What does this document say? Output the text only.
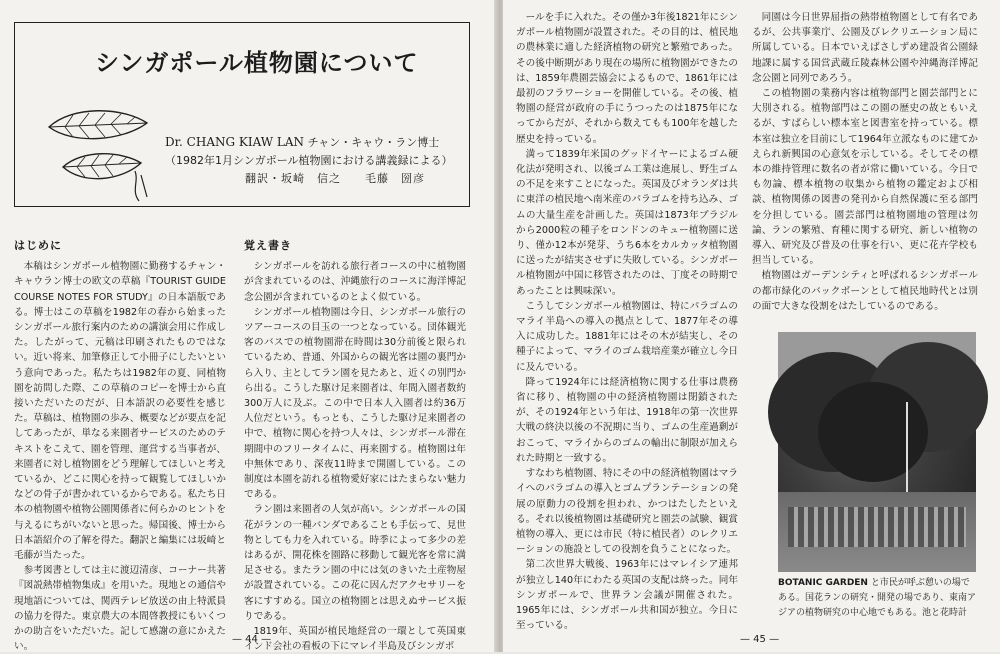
シンガポール植物園について
Dr. CHANG KIAW LAN チャン・キャウ・ラン博士
（1982年1月シンガポール植物園における講義録による）
翻訳・坂崎　信之　　毛藤　圀彦
はじめに

本稿はシンガポール植物園に勤務するチャン・キャウラン博士の欧文の草稿『TOURIST GUIDE COURSE NOTES FOR STUDY』の日本語版である。博士はこの草稿を1982年の春から始まったシンガポール旅行案内のための講演会用に作成した。したがって、元稿は印刷されたものではない。近い将来、加筆修正して小冊子にしたいという意向であった。私たちは1982年の夏、同植物園を訪問した際、この草稿のコピーを博士から直接いただいたのだが、日本語訳の必要性を感じた。草稿は、植物園の歩み、概要などが要点を記してあったが、単なる来園者サービスのためのテキストをこえて、園を管理、運営する当事者が、来園者に対し植物園をどう理解してほしいと考えているか、どこに関心を持って観覧してほしいかなどの骨子が書かれているからである。私たち日本の植物園や植物公園関係者に何らかのヒントを与えるにちがいないと思った。帰国後、博士から日本語紹介の了解を得た。翻訳と編集には坂崎と毛藤が当たった。

参考図書としては主に渡辺清彦、コーナー共著『図説熱帯植物集成』を用いた。現地との通信や現地語については、関西テレビ放送の由上特派員の協力を得た。東京農大の本間啓教授にもいくつかの助言をいただいた。記して感謝の意にかえたい。

覚え書き

シンガポールを訪れる旅行者コースの中に植物園が含まれているのは、沖縄旅行のコースに海洋博記念公園が含まれているのとよく似ている。

シンガポール植物園は今日、シンガポール旅行のツアーコースの目玉の一つとなっている。団体観光客のバスでの植物園滞在時間は30分前後と限られているため、普通、外国からの観光客は園の裏門から入り、主としてラン園を見たあと、近くの別門から出る。こうした駆け足来園者は、年間入園者数約300万人に及ぶ。この中で日本人入園者は約36万人位だという。もっとも、こうした駆け足来園者の中で、植物に関心を持つ人々は、シンガポール滞在期間中のフリータイムに、再来園する。植物園は年中無休であり、深夜11時まで開園している。この制度は本園を訪れる植物愛好家にはたまらない魅力である。

ラン園は来園者の人気が高い。シンガポールの国花がランの一種バンダであることも手伝って、見世物としても力を入れている。時季によって多少の差はあるが、開花株を園路に移動して観光客を常に満足させる。またラン園の中には気のきいた土産物屋が設置されている。この花に因んだアクセサリーを客にすすめる。国立の植物園とは思えぬサービス振りである。

1819年、英国が植民地経営の一環として英国東インド会社の看板の下にマレイ半島及びシンガポ

— 44 —

ールを手に入れた。その僅か3年後1821年にシンガポール植物園が設置された。その目的は、植民地の農林業に適した経済植物の研究と繁殖であった。その後中断期があり現在の場所に植物園ができたのは、1859年農園芸協会によるもので、1861年には最初のフラワーショーを開催している。その後、植物園の経営が政府の手にうつったのは1875年になってからだが、それから数えてもも100年を越した歴史を持っている。

満って1839年米国のグッドイヤーによるゴム硬化法が発明され、以後ゴム工業は進展し、野生ゴムの不足を来すことになった。英国及びオランダは共に東洋の植民地へ南米産のパラゴムを持ち込み、ゴムの大量生産を計画した。英国は1873年ブラジルから2000粒の種子をロンドンのキュー植物園に送り、僅か12本が発芽、うち6本をカルカッタ植物園に送ったが結実させずに失敗している。シンガポール植物園が中国に移管されたのは、丁度その時期であったことは興味深い。

こうしてシンガポール植物園は、特にパラゴムのマライ半島への導入の拠点として、1877年その導入に成功した。1881年にはその木が結実し、その種子によって、マライのゴム栽培産業が確立し今日に及んでいる。

降って1924年には経済植物に関する仕事は農務省に移り、植物園の中の経済植物園は閉鎖されたが、その1924年という年は、1918年の第一次世界大戦の終決以後の不況期に当り、ゴムの生産過剰がおこって、マライからのゴムの輸出に制限が加えられた時期と一致する。

すなわち植物園、特にその中の経済植物園はマライへのパラゴムの導入とゴムプランテーションの発展の原動力の役割を担われ、かつはたしたといえる。それ以後植物園は基礎研究と園芸の試験、観賞植物の導入、更には市民（特に植民者）のレクリエーションの施設としての役割を負うことになった。

第二次世界大戦後、1963年にはマレイシア連邦が独立し140年にわたる英国の支配は終った。同年シンガポールで、世界ラン会議が開催された。1965年には、シンガポール共和国が独立。今日に至っている。

同園は今日世界屈指の熱帯植物園として有名であるが、公共事業庁、公園及びレクリエーション局に所属している。日本でいえばさしずめ建設省公園緑地課に属する国営武蔵丘陵森林公園や沖縄海洋博記念公園と同列であろう。

この植物園の業務内容は植物部門と園芸部門とに大別される。植物部門はこの園の歴史の故ともいえるが、すばらしい標本室と図書室を持っている。標本室は独立を目前にして1964年立派なものに建てかえられ新興国の心意気を示している。そしてその標本の維持管理に数名の者が常に働いている。今日でも勿論、標本植物の収集から植物の鑑定および相談、植物関係の図書の発刊から自然保護に至る部門を分担している。園芸部門は植物園地の管理は勿論、ランの繁殖、育種に関する研究、新しい植物の導入、研究及び普及の仕事を行い、更に花卉学校も担当している。

植物園はガーデンシティと呼ばれるシンガポールの都市緑化のバックボーンとして植民地時代とは別の面で大きな役割をはたしているのである。

BOTANIC GARDEN と市民が呼ぶ憩いの場である。国花ランの研究・開発の場であり、東南アジアの植物研究の中心地でもある。池と花時計
— 45 —
